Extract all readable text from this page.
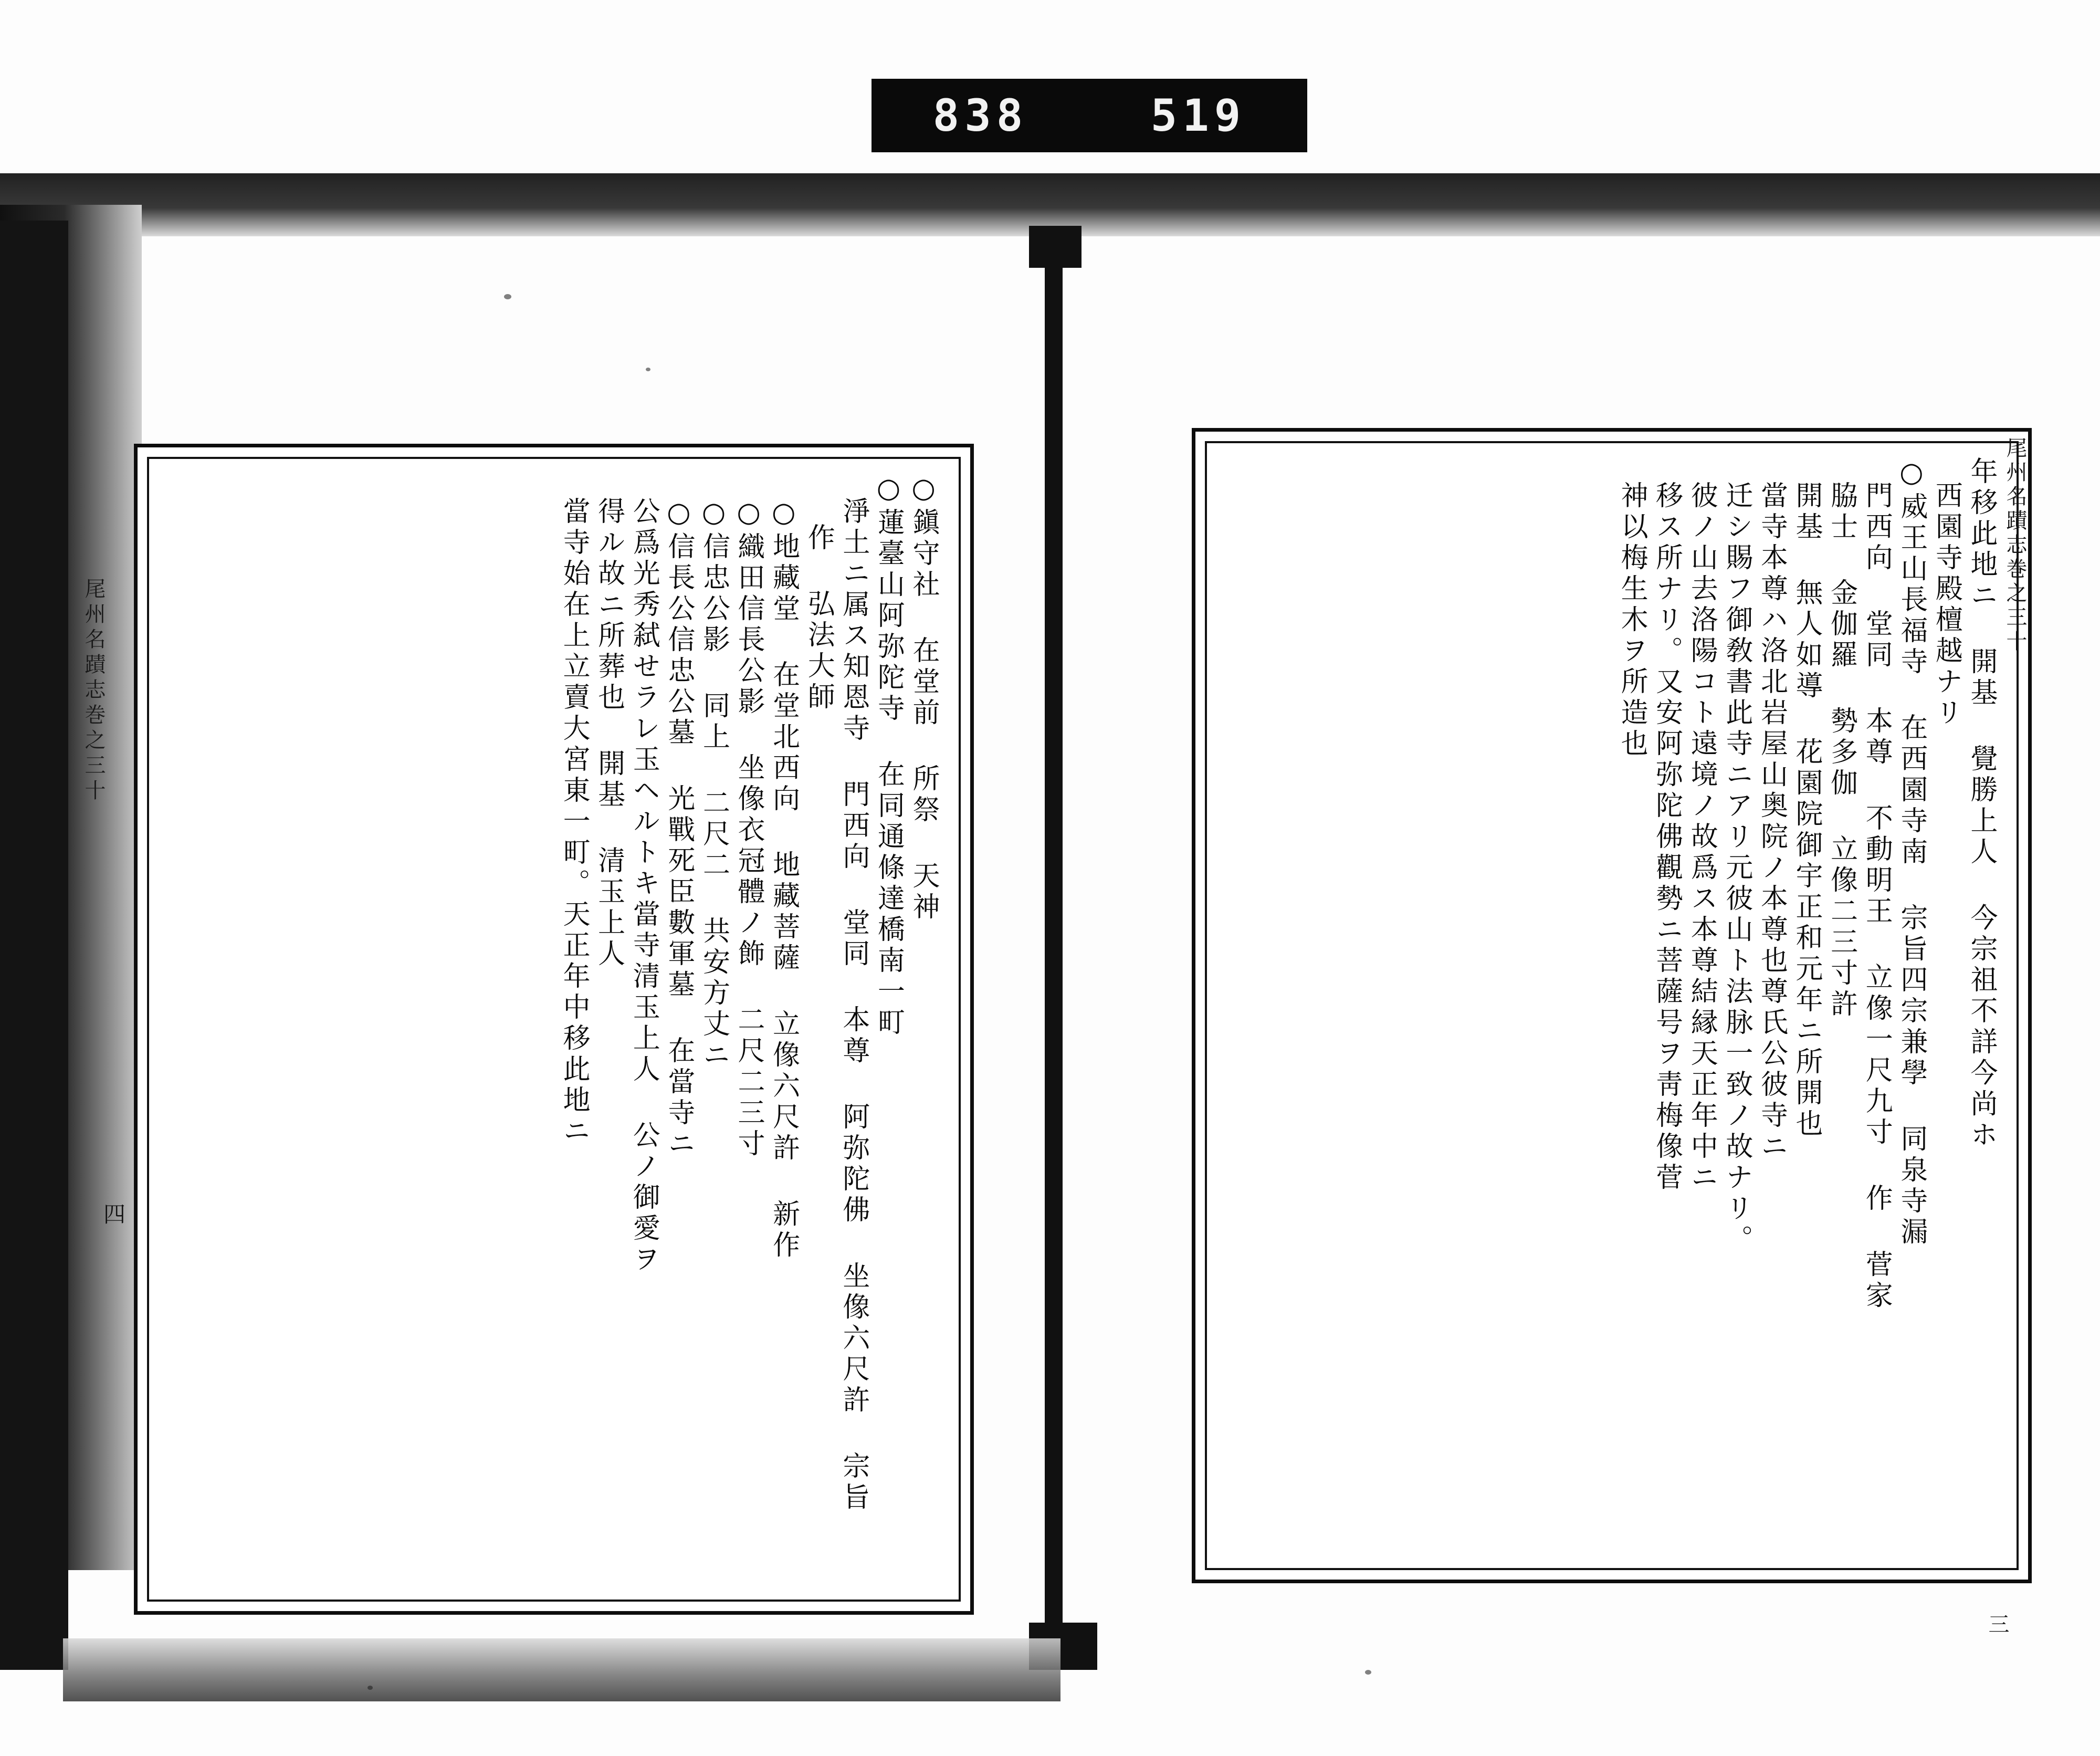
838	519
年移此地ニ 開基 覺勝上人 今宗祖不詳今尚ホ
西園寺殿檀越ナリ
○威王山長福寺 在西園寺南 宗旨四宗兼學 同泉寺漏
門西向 堂同 本尊 不動明王 立像一尺九寸 作 菅家
脇士 金伽羅 勢多伽 立像二三寸許
開基 無人如導 花園院御宇正和元年ニ所開也
當寺本尊ハ洛北岩屋山奥院ノ本尊也尊氏公彼寺ニ
迁シ賜フ御敎書此寺ニアリ元彼山ト法脉一致ノ故ナリ。
彼ノ山去洛陽コト遠境ノ故爲ス本尊結縁天正年中ニ
移ス所ナリ。又安阿弥陀佛觀勢ニ菩薩号ヲ靑梅像菅
神以梅生木ヲ所造也	尾州名蹟志巻之三十
三
○鎭守社 在堂前 所祭 天神
○蓮臺山阿弥陀寺 在同通條達橋南一町
淨土ニ属ス知恩寺 門西向 堂同 本尊 阿弥陀佛 坐像六尺許 宗旨
作 弘法大師
○地藏堂 在堂北西向 地藏菩薩 立像六尺許 新作
○織田信長公影 坐像衣冠體ノ飾 二尺二三寸
○信忠公影 同上 二尺二 共安方丈ニ
○信長公信忠公墓 光戰死臣數軍墓 在當寺ニ
公爲光秀弑せラレ玉ヘルトキ當寺清玉上人 公ノ御愛ヲ
得ル故ニ所葬也 開基 清玉上人
當寺始在上立賣大宮東一町。天正年中移此地ニ
尾州名蹟志巻之三十
四
